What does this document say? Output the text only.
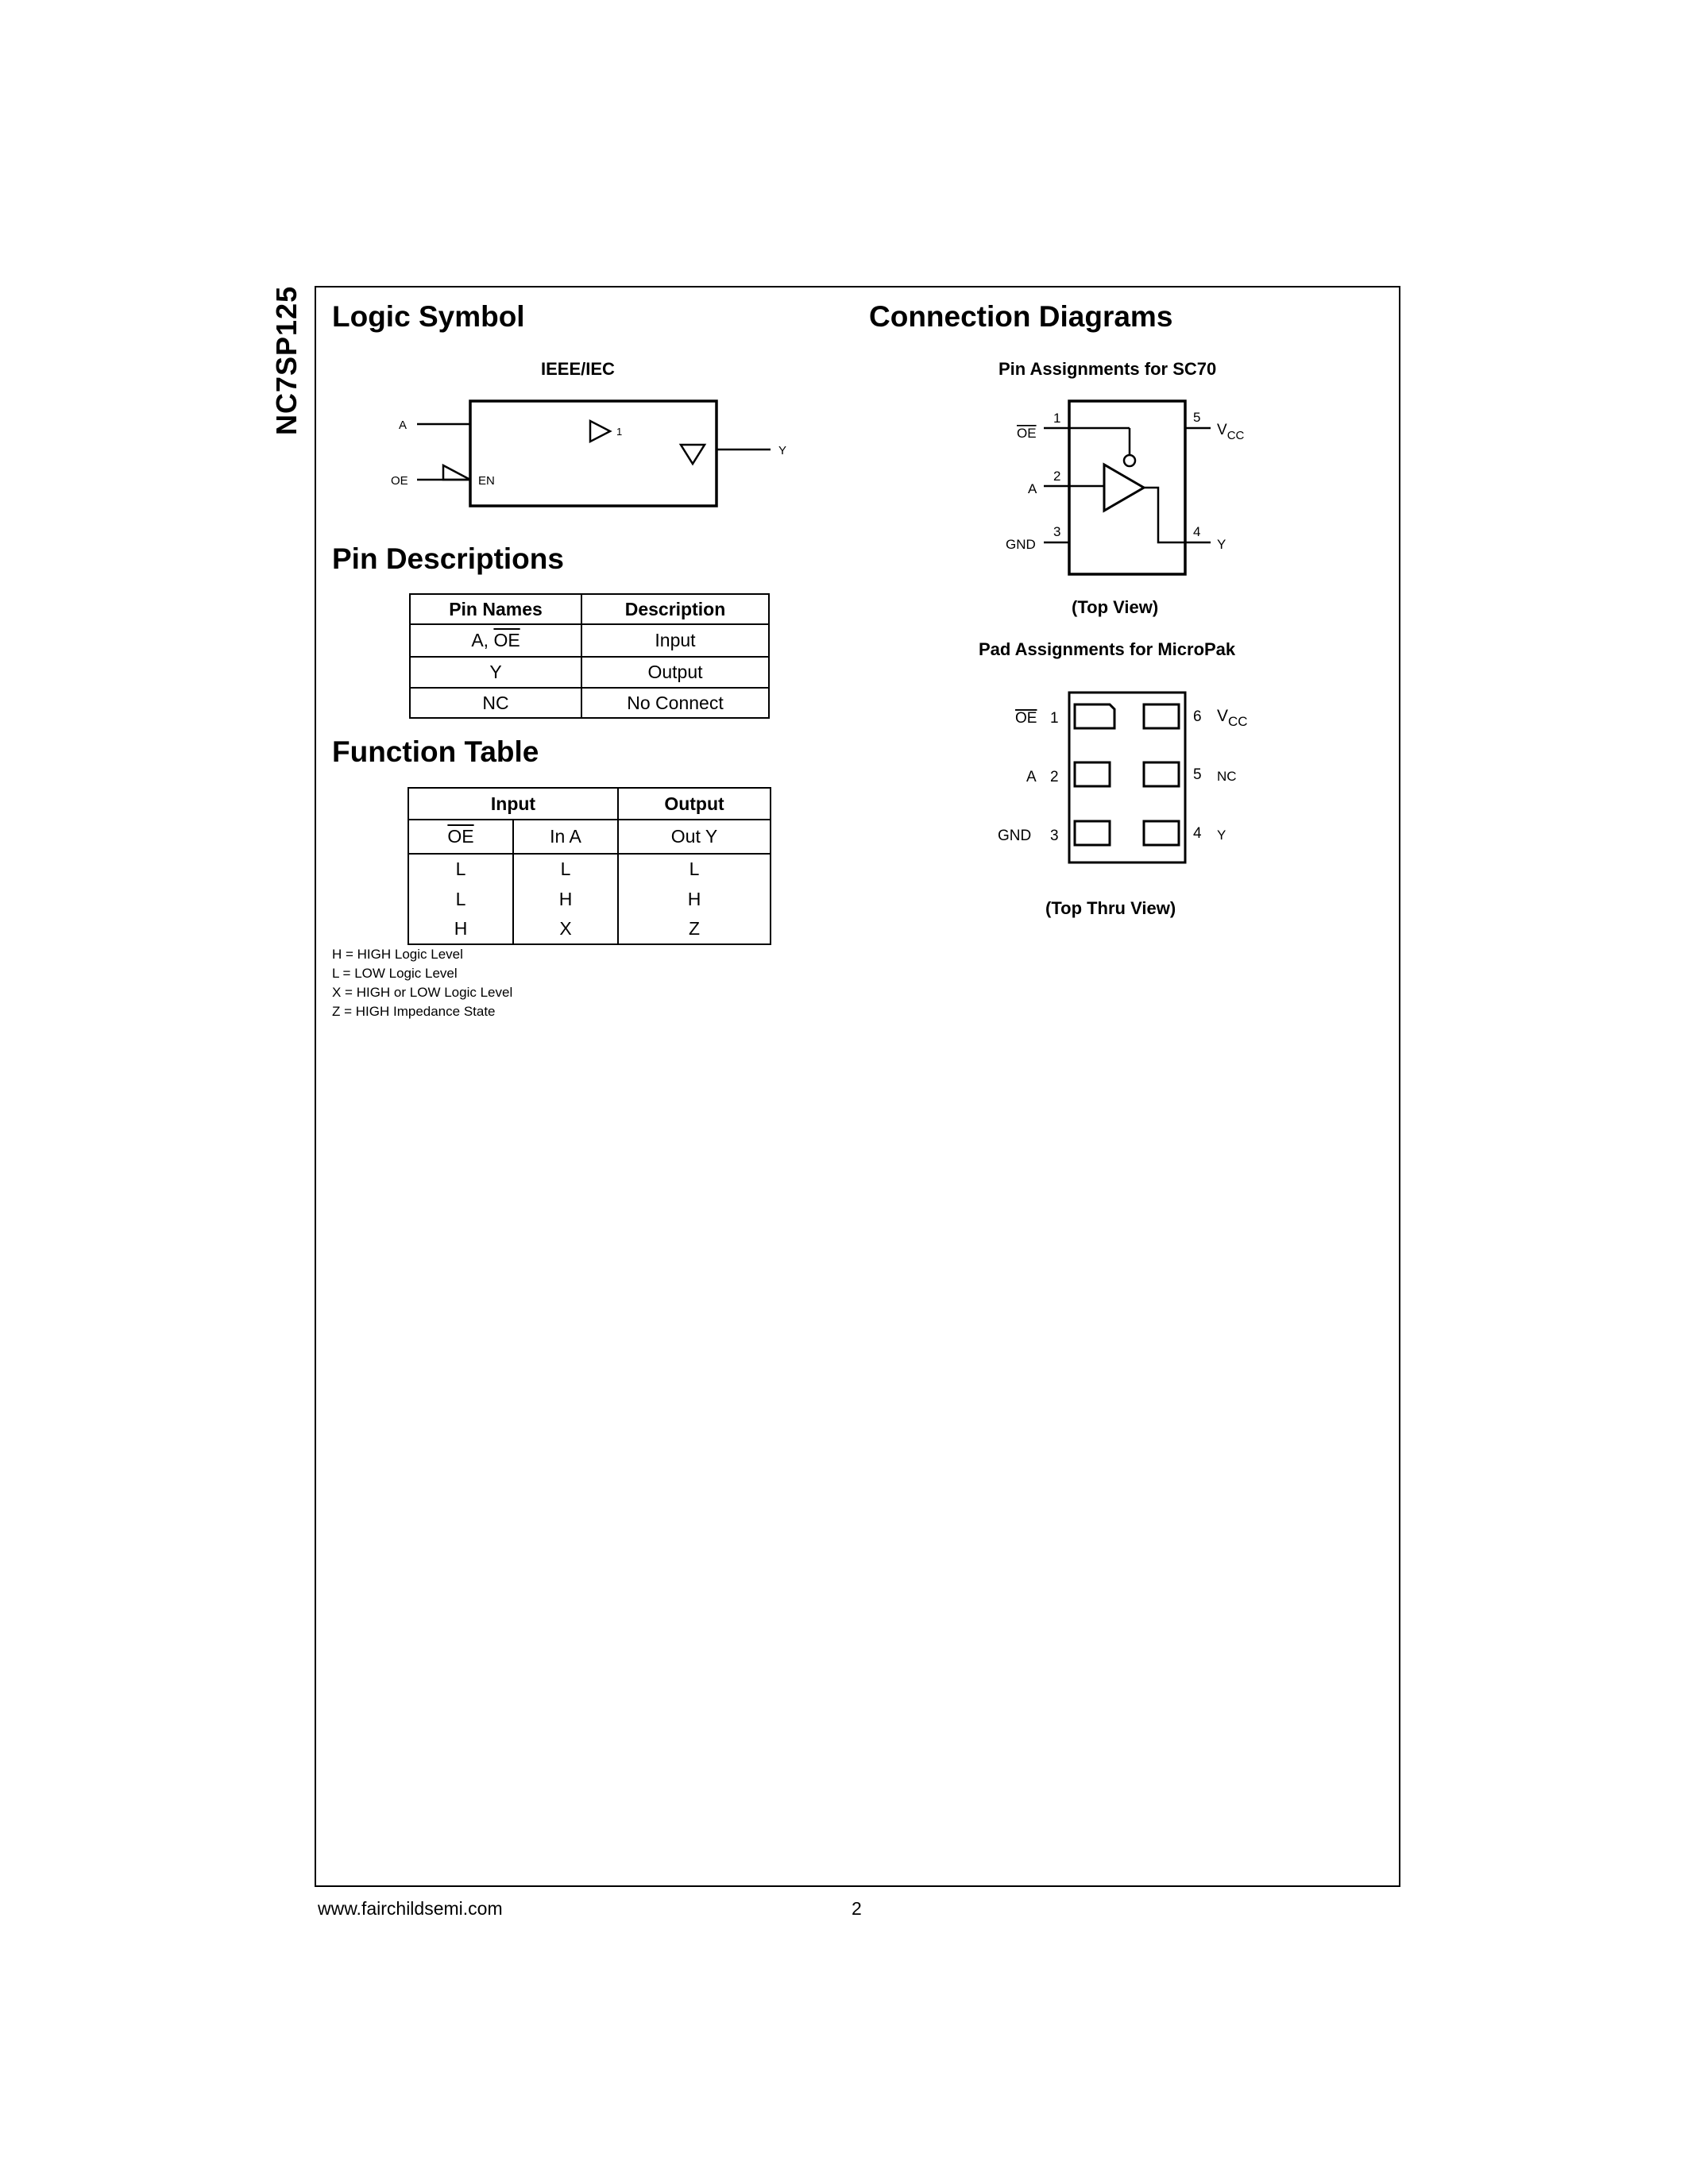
NC7SP125 Logic Symbol
IEEE/IEC
A
OE	EN
1
Y
Pin Descriptions
Pin Names	Description
A, $\overline{OE}$	Input
Y	Output
NC	No Connect
Function Table
Input		Output
$\overline{OE}$	In A	Out Y
L	L	L
L	H	H
H	X	Z
H = HIGH Logic Level
L = LOW Logic Level
X = HIGH or LOW Logic Level
Z = HIGH Impedance State
Connection Diagrams
Pin Assignments for SC70
1
OE
2
A
3
GND
4
Y
5
$V_{CC}$
(Top View)
Pad Assignments for MicroPak
OE 1
A 2
GND 3
6 $V_{CC}$
5 NC
4 Y
(Top Thru View)
www.fairchildsemi.com	2
